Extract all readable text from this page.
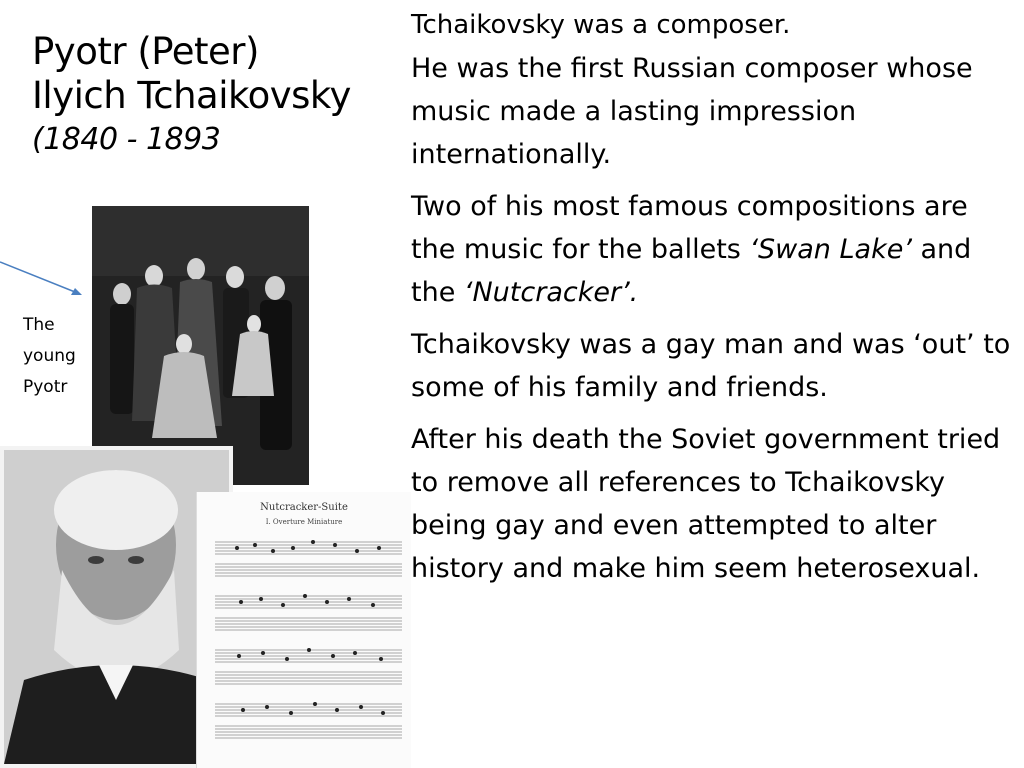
Pyotr (Peter)
Ilyich Tchaikovsky
(1840 - 1893

Tchaikovsky was a composer.

He was the first Russian composer whose music made a lasting impression internationally.

Two of his most famous compositions are the music for the ballets ‘Swan Lake’ and the ‘Nutcracker’.

Tchaikovsky was a gay man and was ‘out’ to some of his family and friends.

After his death the Soviet government tried to remove all references to Tchaikovsky being gay and even attempted to alter history and make him seem heterosexual.

The
young
Pyotr
Nutcracker-Suite
I. Overture Miniature
